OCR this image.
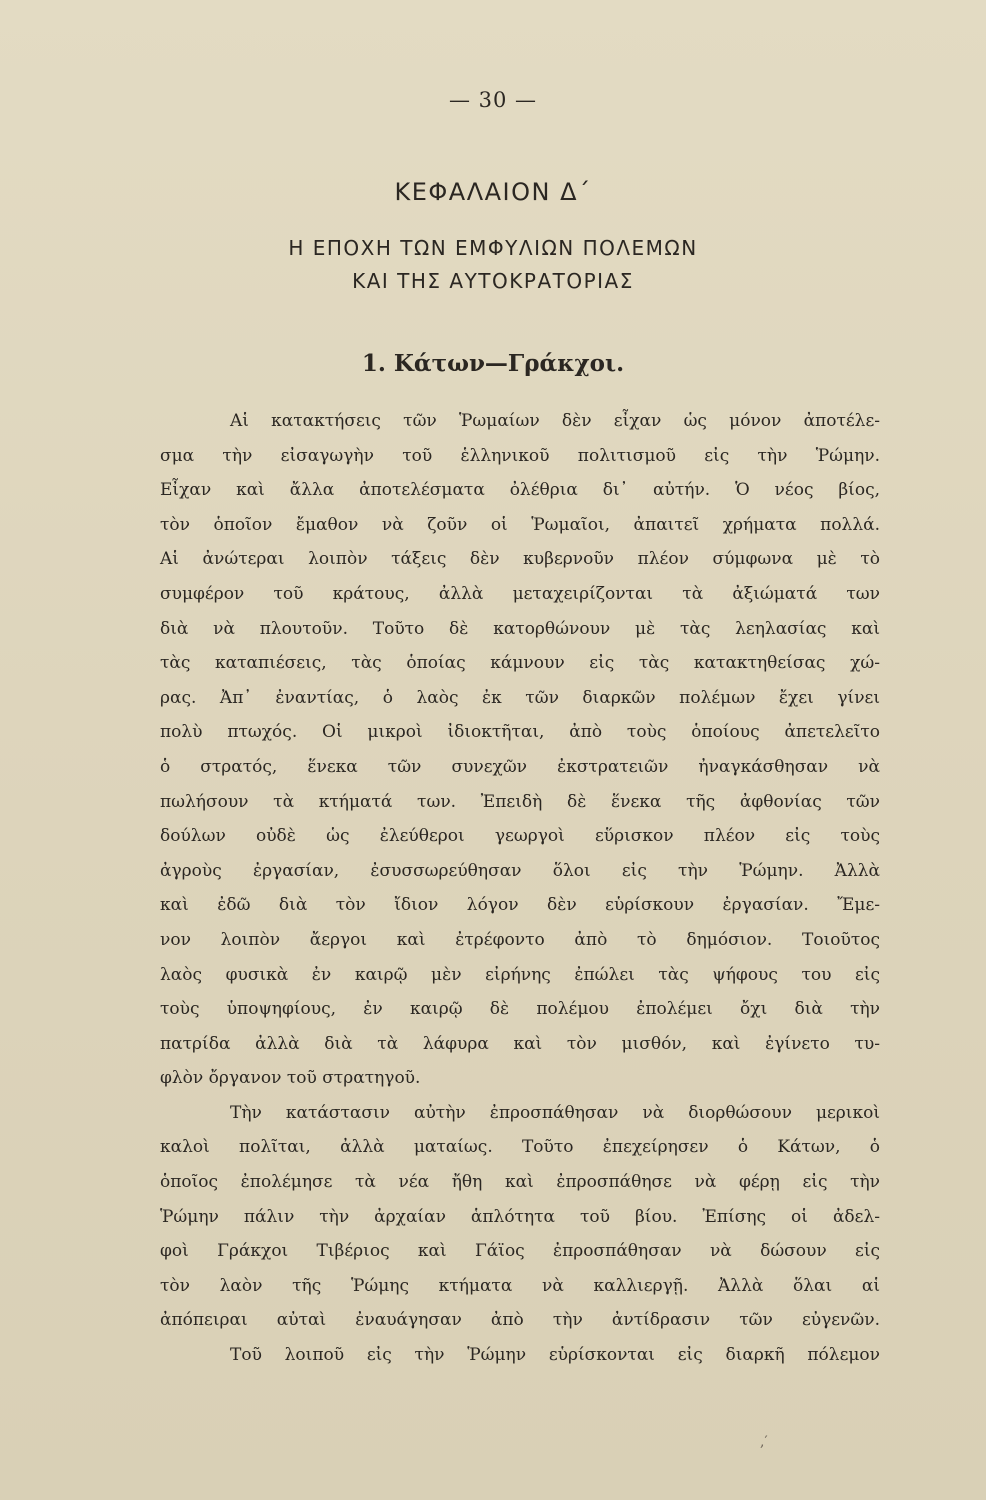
— 30 —
ΚΕΦΑΛΑΙΟΝ Δ΄
Η ΕΠΟΧΗ ΤΩΝ ΕΜΦΥΛΙΩΝ ΠΟΛΕΜΩΝ
ΚΑΙ ΤΗΣ ΑΥΤΟΚΡΑΤΟΡΙΑΣ
1. Κάτων—Γράκχοι.
Αἱ κατακτήσεις τῶν Ῥωμαίων δὲν εἶχαν ὡς μόνον ἀποτέλε-
σμα τὴν εἰσαγωγὴν τοῦ ἑλληνικοῦ πολιτισμοῦ εἰς τὴν Ῥώμην.
Εἶχαν καὶ ἄλλα ἀποτελέσματα ὀλέθρια δι᾽ αὐτήν. Ὁ νέος βίος,
τὸν ὁποῖον ἔμαθον νὰ ζοῦν οἱ Ῥωμαῖοι, ἀπαιτεῖ χρήματα πολλά.
Αἱ ἀνώτεραι λοιπὸν τάξεις δὲν κυβερνοῦν πλέον σύμφωνα μὲ τὸ
συμφέρον τοῦ κράτους, ἀλλὰ μεταχειρίζονται τὰ ἀξιώματά των
διὰ νὰ πλουτοῦν. Τοῦτο δὲ κατορθώνουν μὲ τὰς λεηλασίας καὶ
τὰς καταπιέσεις, τὰς ὁποίας κάμνουν εἰς τὰς κατακτηθείσας χώ-
ρας. Ἀπ᾽ ἐναντίας, ὁ λαὸς ἐκ τῶν διαρκῶν πολέμων ἔχει γίνει
πολὺ πτωχός. Οἱ μικροὶ ἰδιοκτῆται, ἀπὸ τοὺς ὁποίους ἀπετελεῖτο
ὁ στρατός, ἕνεκα τῶν συνεχῶν ἐκστρατειῶν ἠναγκάσθησαν νὰ
πωλήσουν τὰ κτήματά των. Ἐπειδὴ δὲ ἕνεκα τῆς ἀφθονίας τῶν
δούλων οὐδὲ ὡς ἐλεύθεροι γεωργοὶ εὕρισκον πλέον εἰς τοὺς
ἀγροὺς ἐργασίαν, ἐσυσσωρεύθησαν ὅλοι εἰς τὴν Ῥώμην. Ἀλλὰ
καὶ ἐδῶ διὰ τὸν ἴδιον λόγον δὲν εὑρίσκουν ἐργασίαν. Ἔμε-
νον λοιπὸν ἄεργοι καὶ ἐτρέφοντο ἀπὸ τὸ δημόσιον. Τοιοῦτος
λαὸς φυσικὰ ἐν καιρῷ μὲν εἰρήνης ἐπώλει τὰς ψήφους του εἰς
τοὺς ὑποψηφίους, ἐν καιρῷ δὲ πολέμου ἐπολέμει ὄχι διὰ τὴν
πατρίδα ἀλλὰ διὰ τὰ λάφυρα καὶ τὸν μισθόν, καὶ ἐγίνετο τυ-
φλὸν ὄργανον τοῦ στρατηγοῦ.
Τὴν κατάστασιν αὐτὴν ἐπροσπάθησαν νὰ διορθώσουν μερικοὶ
καλοὶ πολῖται, ἀλλὰ ματαίως. Τοῦτο ἐπεχείρησεν ὁ Κάτων, ὁ
ὁποῖος ἐπολέμησε τὰ νέα ἤθη καὶ ἐπροσπάθησε νὰ φέρῃ εἰς τὴν
Ῥώμην πάλιν τὴν ἀρχαίαν ἁπλότητα τοῦ βίου. Ἐπίσης οἱ ἀδελ-
φοὶ Γράκχοι Τιβέριος καὶ Γάϊος ἐπροσπάθησαν νὰ δώσουν εἰς
τὸν λαὸν τῆς Ῥώμης κτήματα νὰ καλλιεργῇ. Ἀλλὰ ὅλαι αἱ
ἀπόπειραι αὐταὶ ἐναυάγησαν ἀπὸ τὴν ἀντίδρασιν τῶν εὐγενῶν.
Τοῦ λοιποῦ εἰς τὴν Ῥώμην εὑρίσκονται εἰς διαρκῆ πόλεμον
,′
